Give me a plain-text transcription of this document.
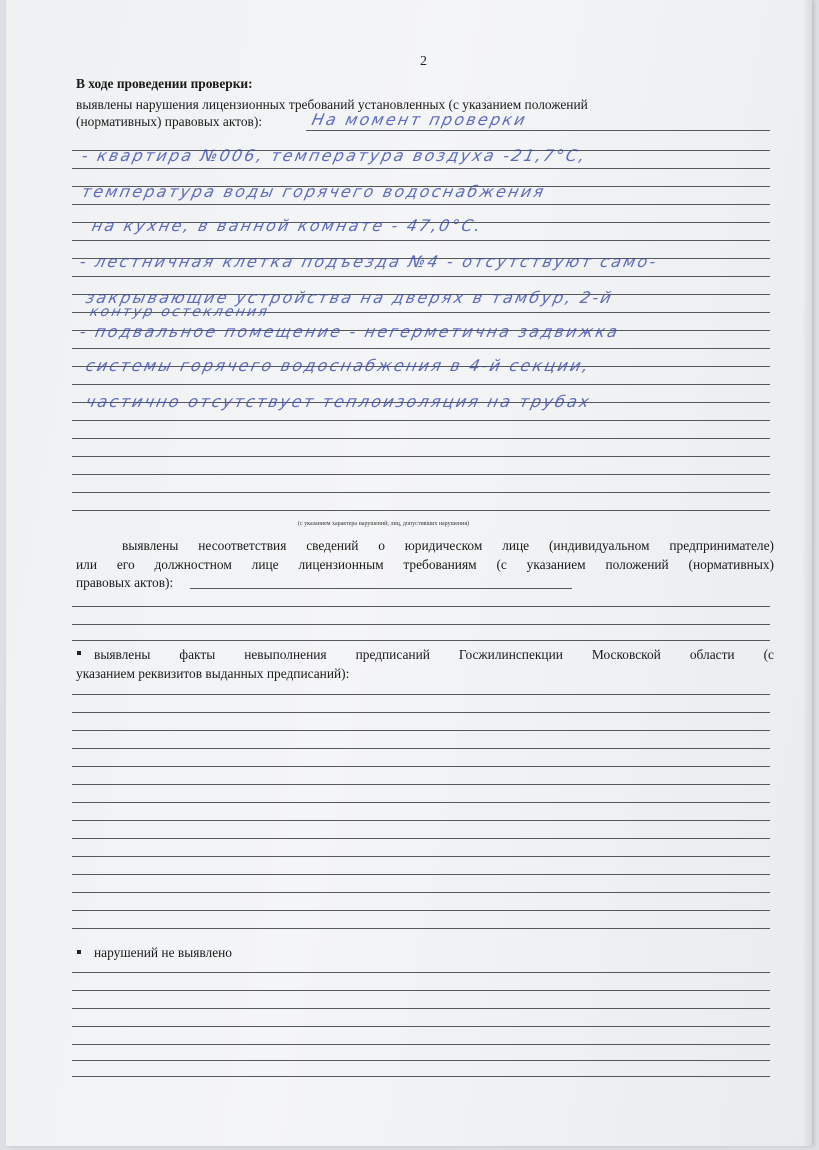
2
В ходе проведении проверки:
выявлены нарушения лицензионных требований установленных (с указанием положений
(нормативных) правовых актов):	На момент проверки
- квартира №006, температура воздуха -21,7°С,
температура воды горячего водоснабжения
на кухне, в ванной комнате - 47,0°С.
- лестничная клетка подъезда №4 - отсутствуют само-
закрывающие устройства на дверях в тамбур, 2-й
контур остекления
- подвальное помещение - негерметична задвижка
системы горячего водоснабжения в 4-й секции,
частично отсутствует теплоизоляция на трубах
(с указанием характера нарушений; лиц, допустивших нарушения)
выявлены несоответствия сведений о юридическом лице (индивидуальном предпринимателе)
или его должностном лице лицензионным требованиям (с указанием положений (нормативных)
правовых актов):
выявлены факты невыполнения предписаний Госжилинспекции Московской области (с
указанием реквизитов выданных предписаний):
нарушений не выявлено
